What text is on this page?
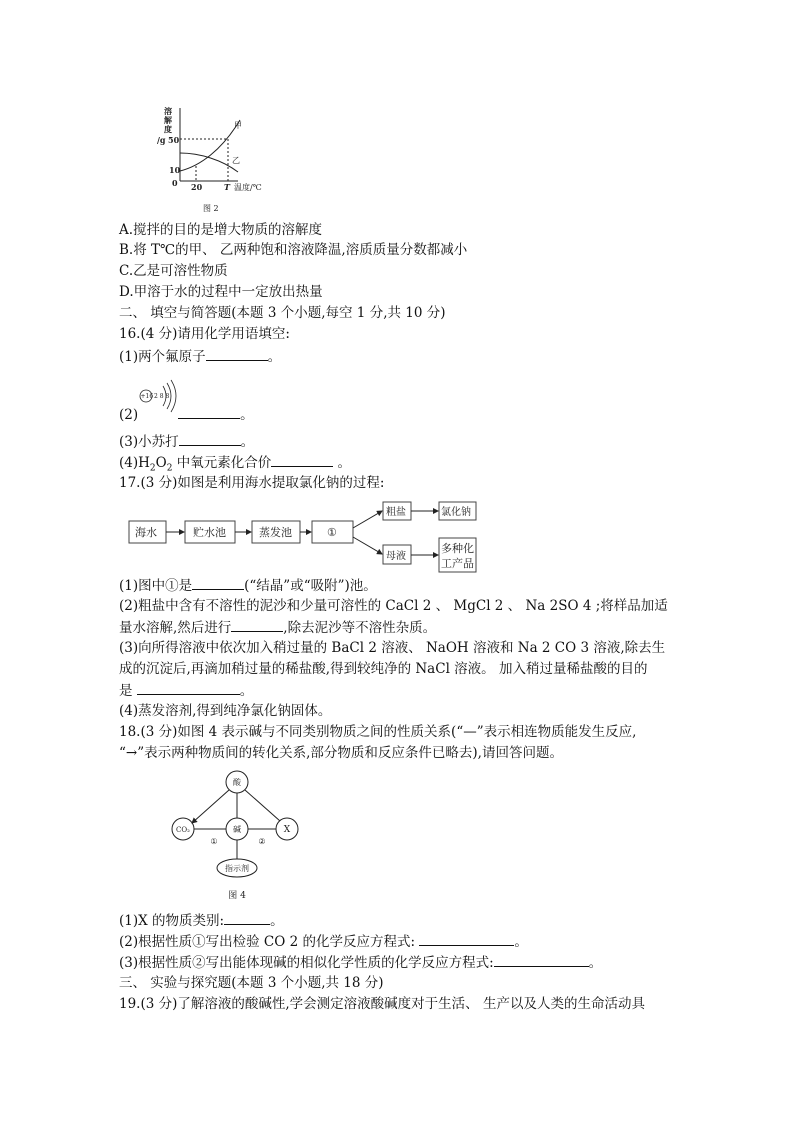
溶
解
度
/g 50
10
0 20	T 温度/℃
甲
乙
图 2
+16 2 8 8
海水	贮水池	蒸发池	①
粗盐	氯化钠
母液
多种化
工产品
酸
CO₂	碱	X
指示剂
①	②
图 4
A.搅拌的目的是增大物质的溶解度
B.将 T℃的甲、 乙两种饱和溶液降温,溶质质量分数都减小
C.乙是可溶性物质
D.甲溶于水的过程中一定放出热量
二、 填空与简答题(本题 3 个小题,每空 1 分,共 10 分)
16.(4 分)请用化学用语填空:
(1)两个氟原子	。
(2)	。
(3)小苏打	。
$(4)H_2O_2$ 中氧元素化合价	。
17.(3 分)如图是利用海水提取氯化钠的过程:
(1)图中①是	(“结晶”或“吸附”)池。
(2)粗盐中含有不溶性的泥沙和少量可溶性的 CaCl 2 、 MgCl 2 、 Na 2SO 4 ;将样品加适
量水溶解,然后进行	,除去泥沙等不溶性杂质。
(3)向所得溶液中依次加入稍过量的 BaCl 2 溶液、 NaOH 溶液和 Na 2 CO 3 溶液,除去生
成的沉淀后,再滴加稍过量的稀盐酸,得到较纯净的 NaCl 溶液。 加入稍过量稀盐酸的目的
是	。
(4)蒸发溶剂,得到纯净氯化钠固体。
18.(3 分)如图 4 表示碱与不同类别物质之间的性质关系(“—”表示相连物质能发生反应,
“→”表示两种物质间的转化关系,部分物质和反应条件已略去),请回答问题。
(1)X 的物质类别:	。
(2)根据性质①写出检验 CO 2 的化学反应方程式:	。
(3)根据性质②写出能体现碱的相似化学性质的化学反应方程式:	。
三、 实验与探究题(本题 3 个小题,共 18 分)
19.(3 分)了解溶液的酸碱性,学会测定溶液酸碱度对于生活、 生产以及人类的生命活动具
